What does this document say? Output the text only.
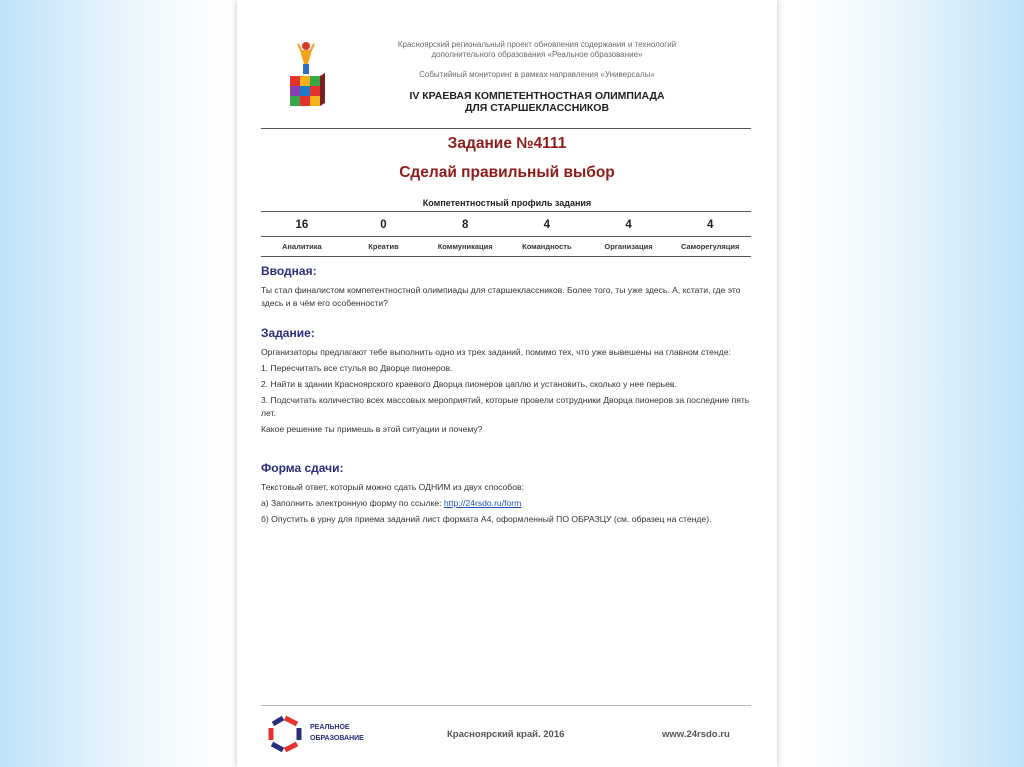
Красноярский региональный проект обновления содержания и технологий
дополнительного образования «Реальное образование»
Событийный мониторинг в рамках направления «Универсалы»
IV КРАЕВАЯ КОМПЕТЕНТНОСТНАЯ ОЛИМПИАДА
ДЛЯ СТАРШЕКЛАССНИКОВ
Задание №4111
Сделай правильный выбор
Компетентностный профиль задания
16
Аналитика
0
Креатив
8
Коммуникация
4
Командность
4
Организация
4
Саморегуляция
Вводная:

Ты стал финалистом компетентностной олимпиады для старшеклассников. Более того, ты уже здесь. А, кстати, где это здесь и в чём его особенности?

Задание:

Организаторы предлагают тебе выполнить одно из трех заданий, помимо тех, что уже вывешены на главном стенде:

1. Пересчитать все стулья во Дворце пионеров.

2. Найти в здании Красноярского краевого Дворца пионеров цаплю и установить, сколько у нее перьев.

3. Подсчитать количество всех массовых мероприятий, которые провели сотрудники Дворца пионеров за последние пять лет.

Какое решение ты примешь в этой ситуации и почему?

Форма сдачи:

Текстовый ответ, который можно сдать ОДНИМ из двух способов:

а) Заполнить электронную форму по ссылке: http://24rsdo.ru/form

б) Опустить в урну для приема заданий лист формата А4, оформленный ПО ОБРАЗЦУ (см. образец на стенде).

РЕАЛЬНОЕ
ОБРАЗОВАНИЕ	Красноярский край. 2016	www.24rsdo.ru
